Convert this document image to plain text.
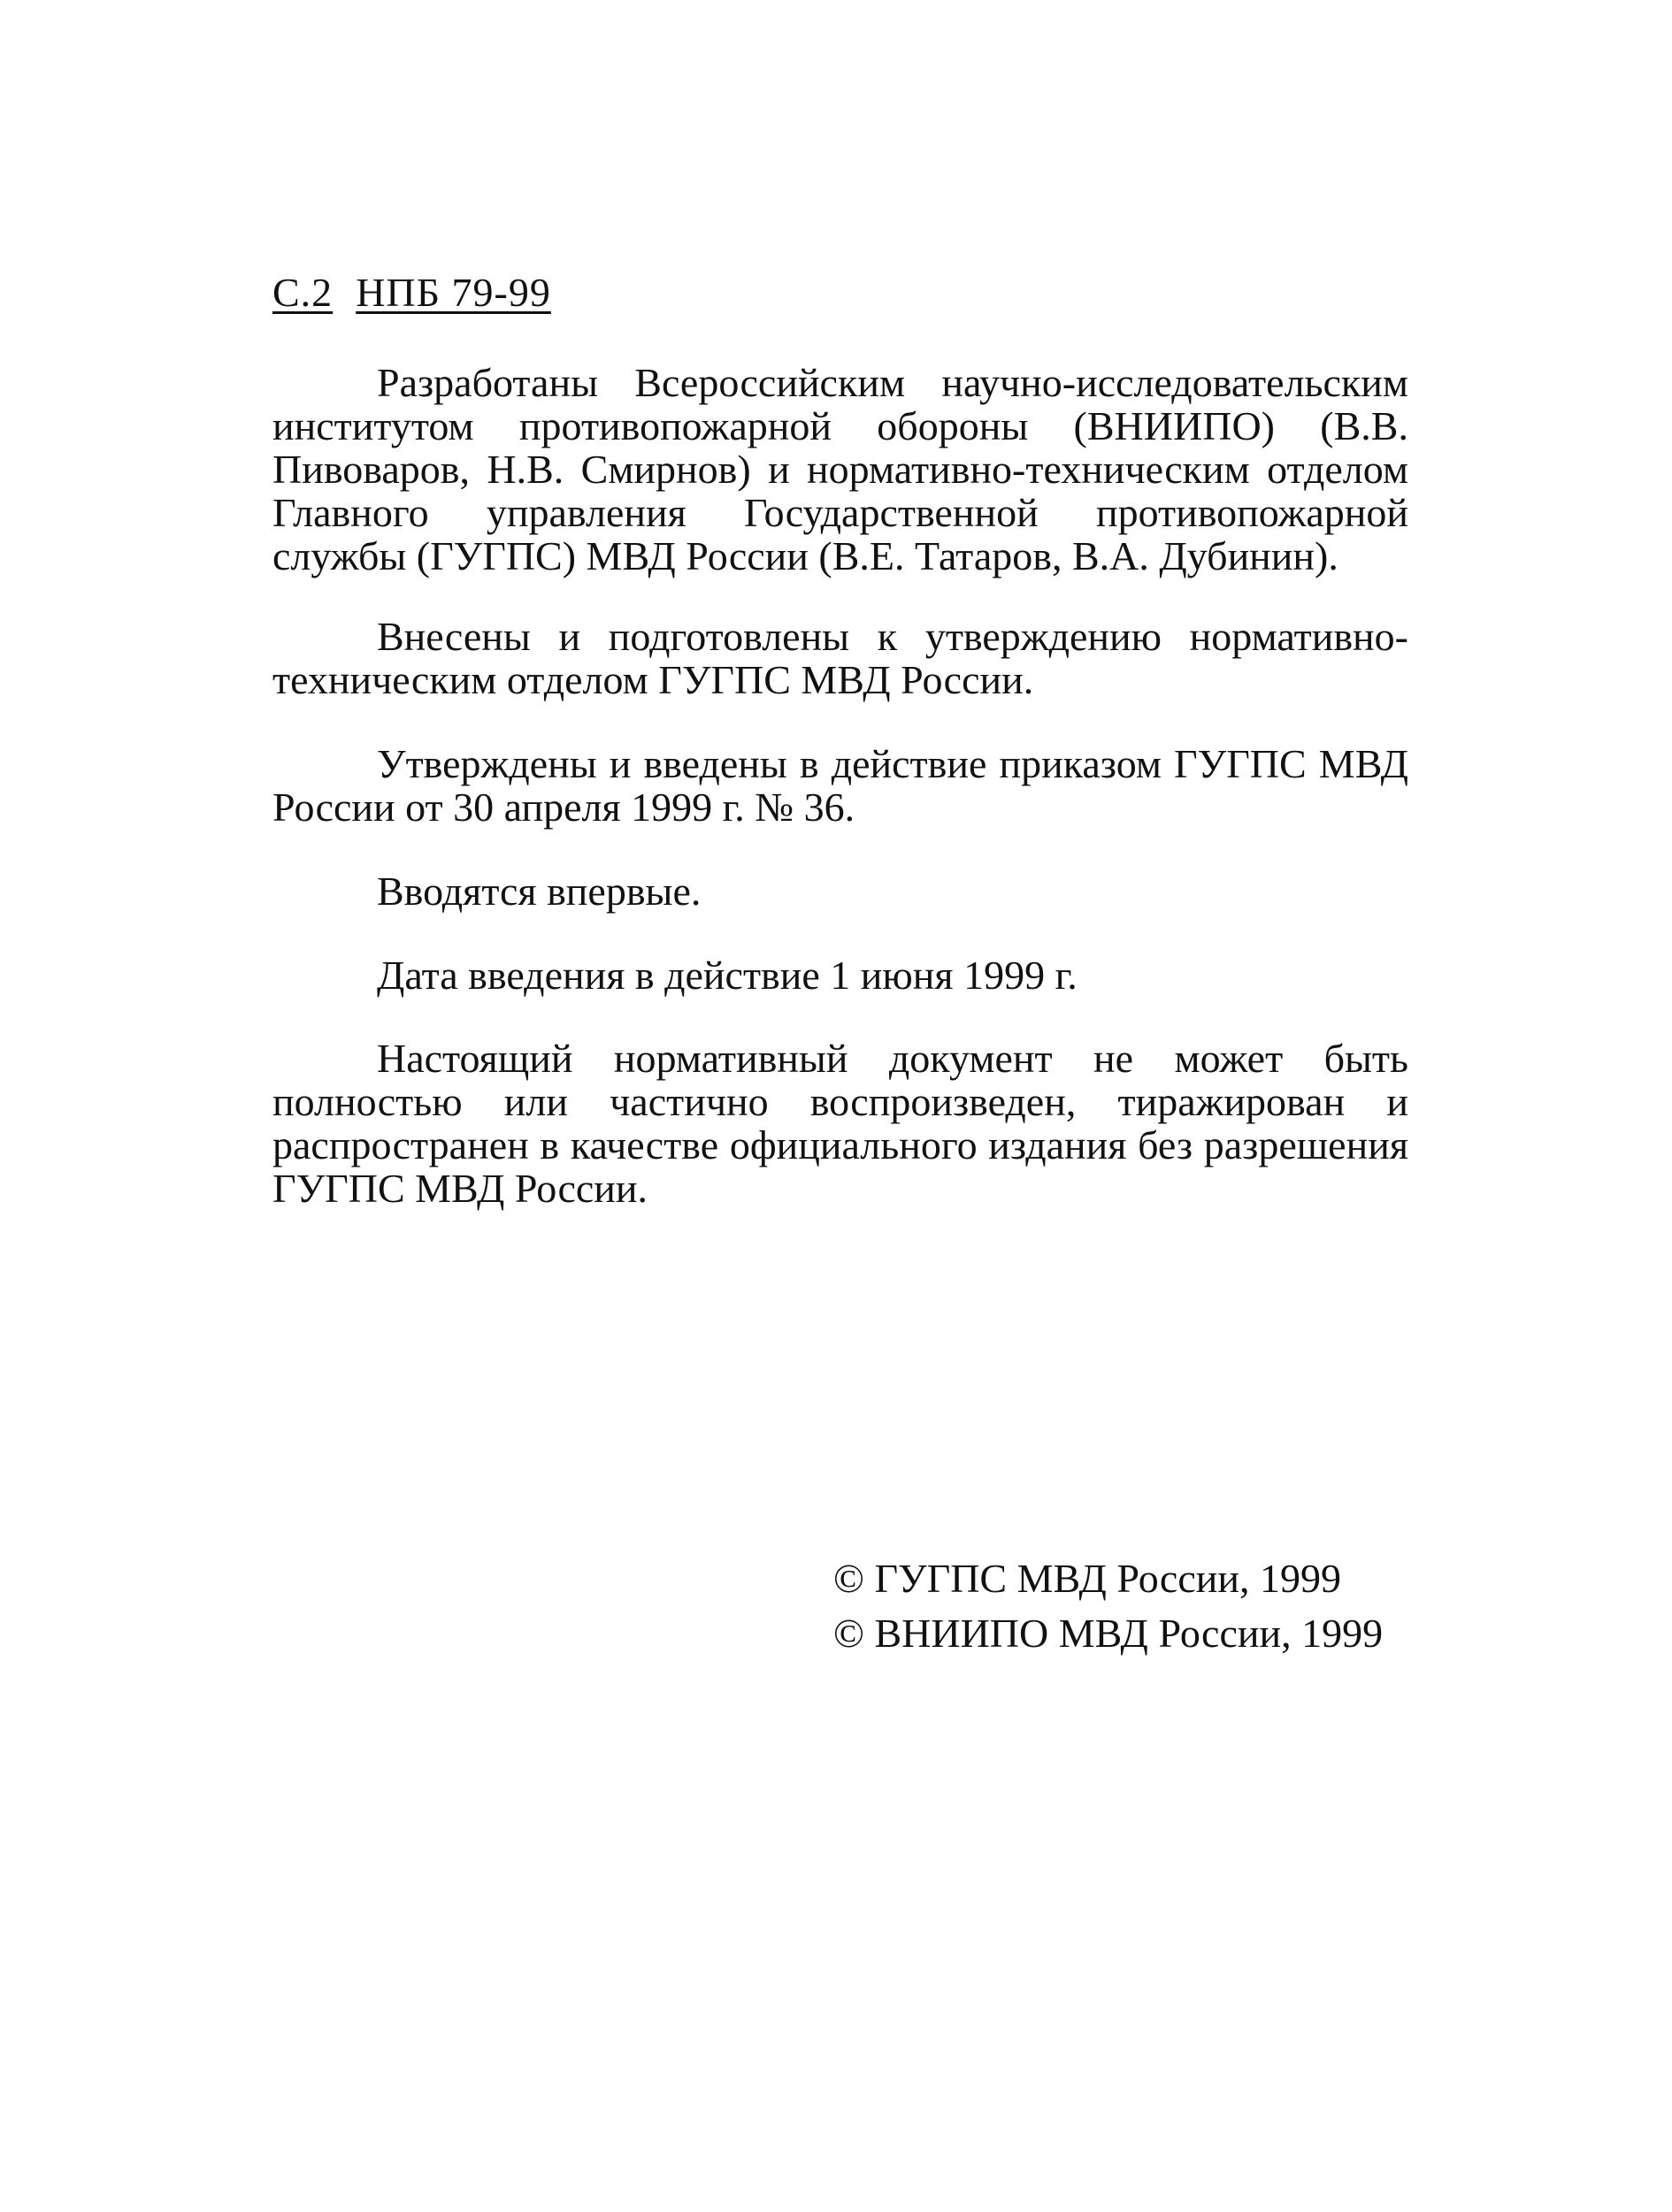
С.2 НПБ 79-99

Разработаны Всероссийским научно-исследовательским институтом противопожарной обороны (ВНИИПО) (В.В. Пивоваров, Н.В. Смирнов) и нормативно-техническим отделом Главного управления Государственной противопожарной службы (ГУГПС) МВД России (В.Е. Татаров, В.А. Дубинин).

Внесены и подготовлены к утверждению нормативно-техническим отделом ГУГПС МВД России.

Утверждены и введены в действие приказом ГУГПС МВД России от 30 апреля 1999 г. № 36.

Вводятся впервые.

Дата введения в действие 1 июня 1999 г.

Настоящий нормативный документ не может быть полностью или частично воспроизведен, тиражирован и распространен в качестве официального издания без разрешения ГУГПС МВД России.

© ГУГПС МВД России, 1999
© ВНИИПО МВД России, 1999
